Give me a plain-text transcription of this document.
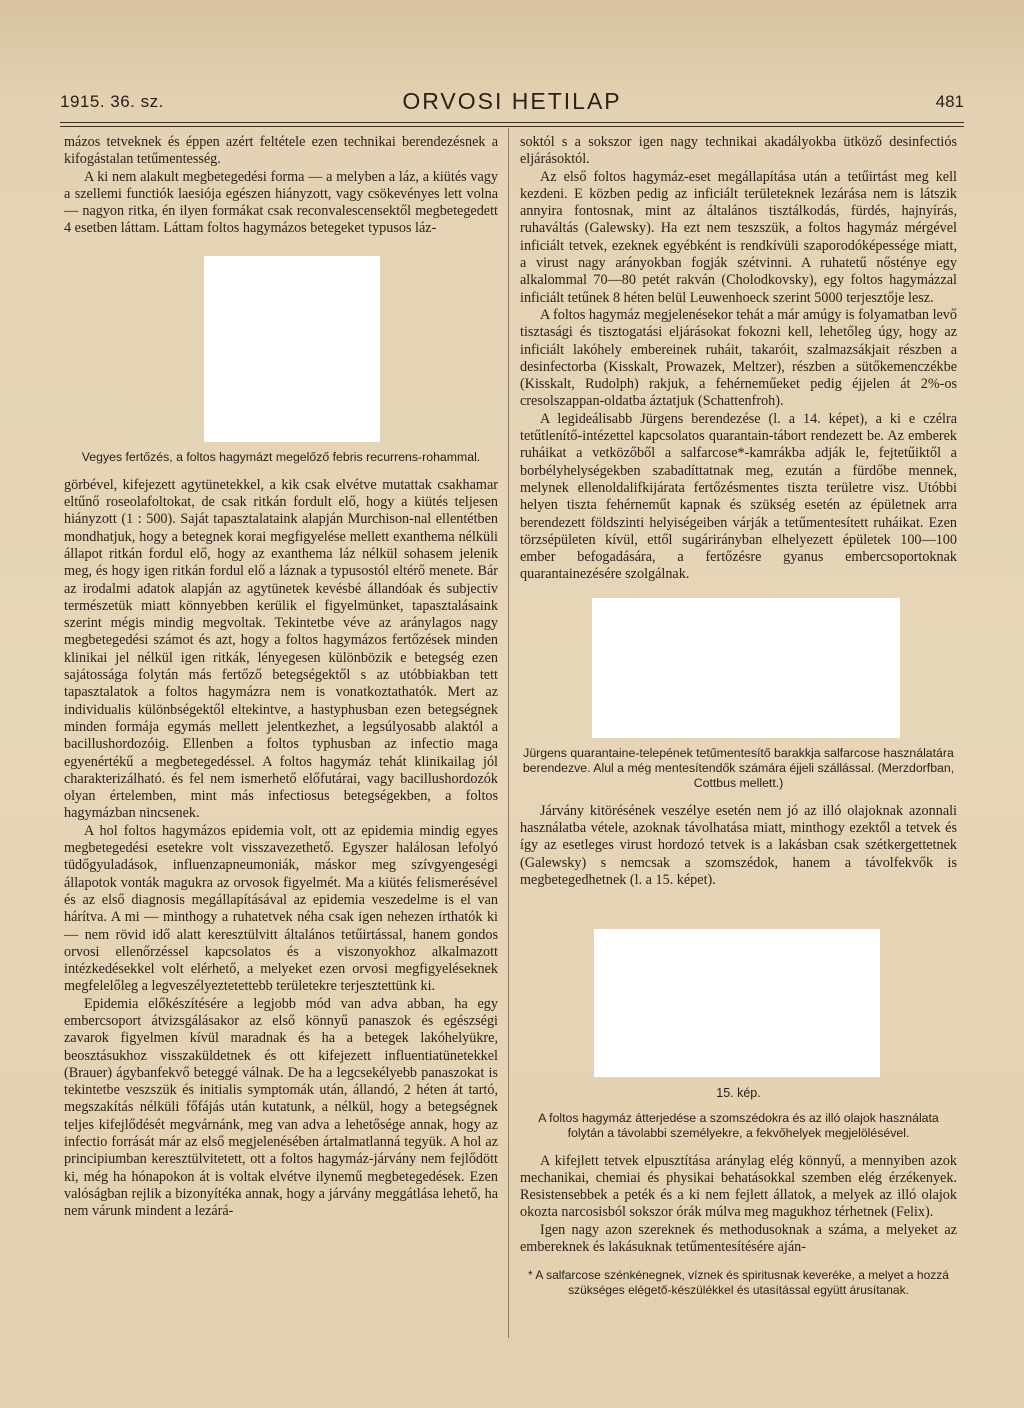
1915. 36. sz.	ORVOSI HETILAP	481

mázos tetveknek és éppen azért feltétele ezen technikai berendezésnek a kifogástalan tetűmentesség.

A ki nem alakult megbetegedési forma — a melyben a láz, a kiütés vagy a szellemi functiók laesiója egészen hiányzott, vagy csökevényes lett volna — nagyon ritka, én ilyen formákat csak reconvalescensektől megbetegedett 4 esetben láttam. Láttam foltos hagymázos betegeket typusos láz-

Vegyes fertőzés, a foltos hagymázt megelőző febris recurrens-rohammal.

görbével, kifejezett agytünetekkel, a kik csak elvétve mutattak csakhamar eltűnő roseolafoltokat, de csak ritkán fordult elő, hogy a kiütés teljesen hiányzott (1 : 500). Saját tapasztalataink alapján Murchison-nal ellentétben mondhatjuk, hogy a betegnek korai megfigyelése mellett exanthema nélküli állapot ritkán fordul elő, hogy az exanthema láz nélkül sohasem jelenik meg, és hogy igen ritkán fordul elő a láznak a typusostól eltérő menete. Bár az irodalmi adatok alapján az agytünetek kevésbé állandóak és subjectiv természetük miatt könnyebben kerülik el figyelmünket, tapasztalásaink szerint mégis mindig megvoltak. Tekintetbe véve az aránylagos nagy megbetegedési számot és azt, hogy a foltos hagymázos fertőzések minden klinikai jel nélkül igen ritkák, lényegesen különbözik e betegség ezen sajátossága folytán más fertőző betegségektől s az utóbbiakban tett tapasztalatok a foltos hagymázra nem is vonatkoztathatók. Mert az individualis különbségektől eltekintve, a hastyphusban ezen betegségnek minden formája egymás mellett jelentkezhet, a legsúlyosabb alaktól a bacillushordozóig. Ellenben a foltos typhusban az infectio maga egyenértékű a megbetegedéssel. A foltos hagymáz tehát klinikailag jól charakterizálható. és fel nem ismerhető előfutárai, vagy bacillushordozók olyan értelemben, mint más infectiosus betegségekben, a foltos hagymázban nincsenek.

A hol foltos hagymázos epidemia volt, ott az epidemia mindig egyes megbetegedési esetekre volt visszavezethető. Egyszer halálosan lefolyó tüdőgyuladások, influenzapneumoniák, máskor meg szívgyengeségi állapotok vonták magukra az orvosok figyelmét. Ma a kiütés felismerésével és az első diagnosis megállapításával az epidemia veszedelme is el van hárítva. A mi — minthogy a ruhatetvek néha csak igen nehezen irthatók ki — nem rövid idő alatt keresztülvitt általános tetűirtással, hanem gondos orvosi ellenőrzéssel kapcsolatos és a viszonyokhoz alkalmazott intézkedésekkel volt elérhető, a melyeket ezen orvosi megfigyeléseknek megfelelőleg a legveszélyeztetettebb területekre terjesztettünk ki.

Epidemia előkészítésére a legjobb mód van adva abban, ha egy embercsoport átvizsgálásakor az első könnyű panaszok és egészségi zavarok figyelmen kívül maradnak és ha a betegek lakóhelyükre, beosztásukhoz visszaküldetnek és ott kifejezett influentiatünetekkel (Brauer) ágybanfekvő beteggé válnak. De ha a legcsekélyebb panaszokat is tekintetbe veszszük és initialis symptomák után, állandó, 2 héten át tartó, megszakítás nélküli főfájás után kutatunk, a nélkül, hogy a betegségnek teljes kifejlődését megvárnánk, meg van adva a lehetősége annak, hogy az infectio forrását már az első megjelenésében ártalmatlanná tegyük. A hol az principiumban keresztülvitetett, ott a foltos hagymáz-járvány nem fejlődött ki, még ha hónapokon át is voltak elvétve ilynemű megbetegedések. Ezen valóságban rejlik a bizonyítéka annak, hogy a járvány meggátlása lehető, ha nem várunk mindent a lezárá-

soktól s a sokszor igen nagy technikai akadályokba ütköző desinfectiós eljárásoktól.

Az első foltos hagymáz-eset megállapítása után a tetűirtást meg kell kezdeni. E közben pedig az inficiált területeknek lezárása nem is látszik annyira fontosnak, mint az általános tisztálkodás, fürdés, hajnyírás, ruhaváltás (Galewsky). Ha ezt nem teszszük, a foltos hagymáz mérgével inficiált tetvek, ezeknek egyébként is rendkívüli szaporodóképessége miatt, a virust nagy arányokban fogják szétvinni. A ruhatetű nősténye egy alkalommal 70—80 petét rakván (Cholodkovsky), egy foltos hagymázzal inficiált tetűnek 8 héten belül Leuwenhoeck szerint 5000 terjesztője lesz.

A foltos hagymáz megjelenésekor tehát a már amúgy is folyamatban levő tisztasági és tisztogatási eljárásokat fokozni kell, lehetőleg úgy, hogy az inficiált lakóhely embereinek ruháit, takaróit, szalmazsákjait részben a desinfectorba (Kisskalt, Prowazek, Meltzer), részben a sütőkemenczékbe (Kisskalt, Rudolph) rakjuk, a fehérneműeket pedig éjjelen át 2%-os cresolszappan-oldatba áztatjuk (Schattenfroh).

A legideálisabb Jürgens berendezése (l. a 14. képet), a ki e czélra tetűtlenítő-intézettel kapcsolatos quarantain-tábort rendezett be. Az emberek ruháikat a vetközőből a salfarcose*-kamrákba adják le, fejtetűiktől a borbélyhelységekben szabadíttatnak meg, ezután a fürdőbe mennek, melynek ellenoldalifkijárata fertőzésmentes tiszta területre visz. Utóbbi helyen tiszta fehérneműt kapnak és szükség esetén az épületnek arra berendezett földszinti helyiségeiben várják a tetűmentesített ruháikat. Ezen törzsépületen kívül, ettől sugárirányban elhelyezett épületek 100—100 ember befogadására, a fertőzésre gyanus embercsoportoknak quarantainezésére szolgálnak.

Jürgens quarantaine-telepének tetűmentesítő barakkja salfarcose használatára berendezve. Alul a még mentesítendők számára éjjeli szállással. (Merzdorfban, Cottbus mellett.)

Járvány kitörésének veszélye esetén nem jó az illó olajoknak azonnali használatba vétele, azoknak távolhatása miatt, minthogy ezektől a tetvek és így az esetleges virust hordozó tetvek is a lakásban csak szétkergettetnek (Galewsky) s nemcsak a szomszédok, hanem a távolfekvők is megbetegedhetnek (l. a 15. képet).

15. kép.
A foltos hagymáz átterjedése a szomszédokra és az illó olajok használata folytán a távolabbi személyekre, a fekvőhelyek megjelölésével.

A kifejlett tetvek elpusztítása aránylag elég könnyű, a mennyiben azok mechanikai, chemiai és physikai behatásokkal szemben elég érzékenyek. Resistensebbek a peték és a ki nem fejlett állatok, a melyek az illó olajok okozta narcosisból sokszor órák múlva meg magukhoz térhetnek (Felix).

Igen nagy azon szereknek és methodusoknak a száma, a melyeket az embereknek és lakásuknak tetűmentesítésére aján-

* A salfarcose szénkénegnek, víznek és spiritusnak keveréke, a melyet a hozzá szükséges elégető-készülékkel és utasítással együtt árusítanak.
